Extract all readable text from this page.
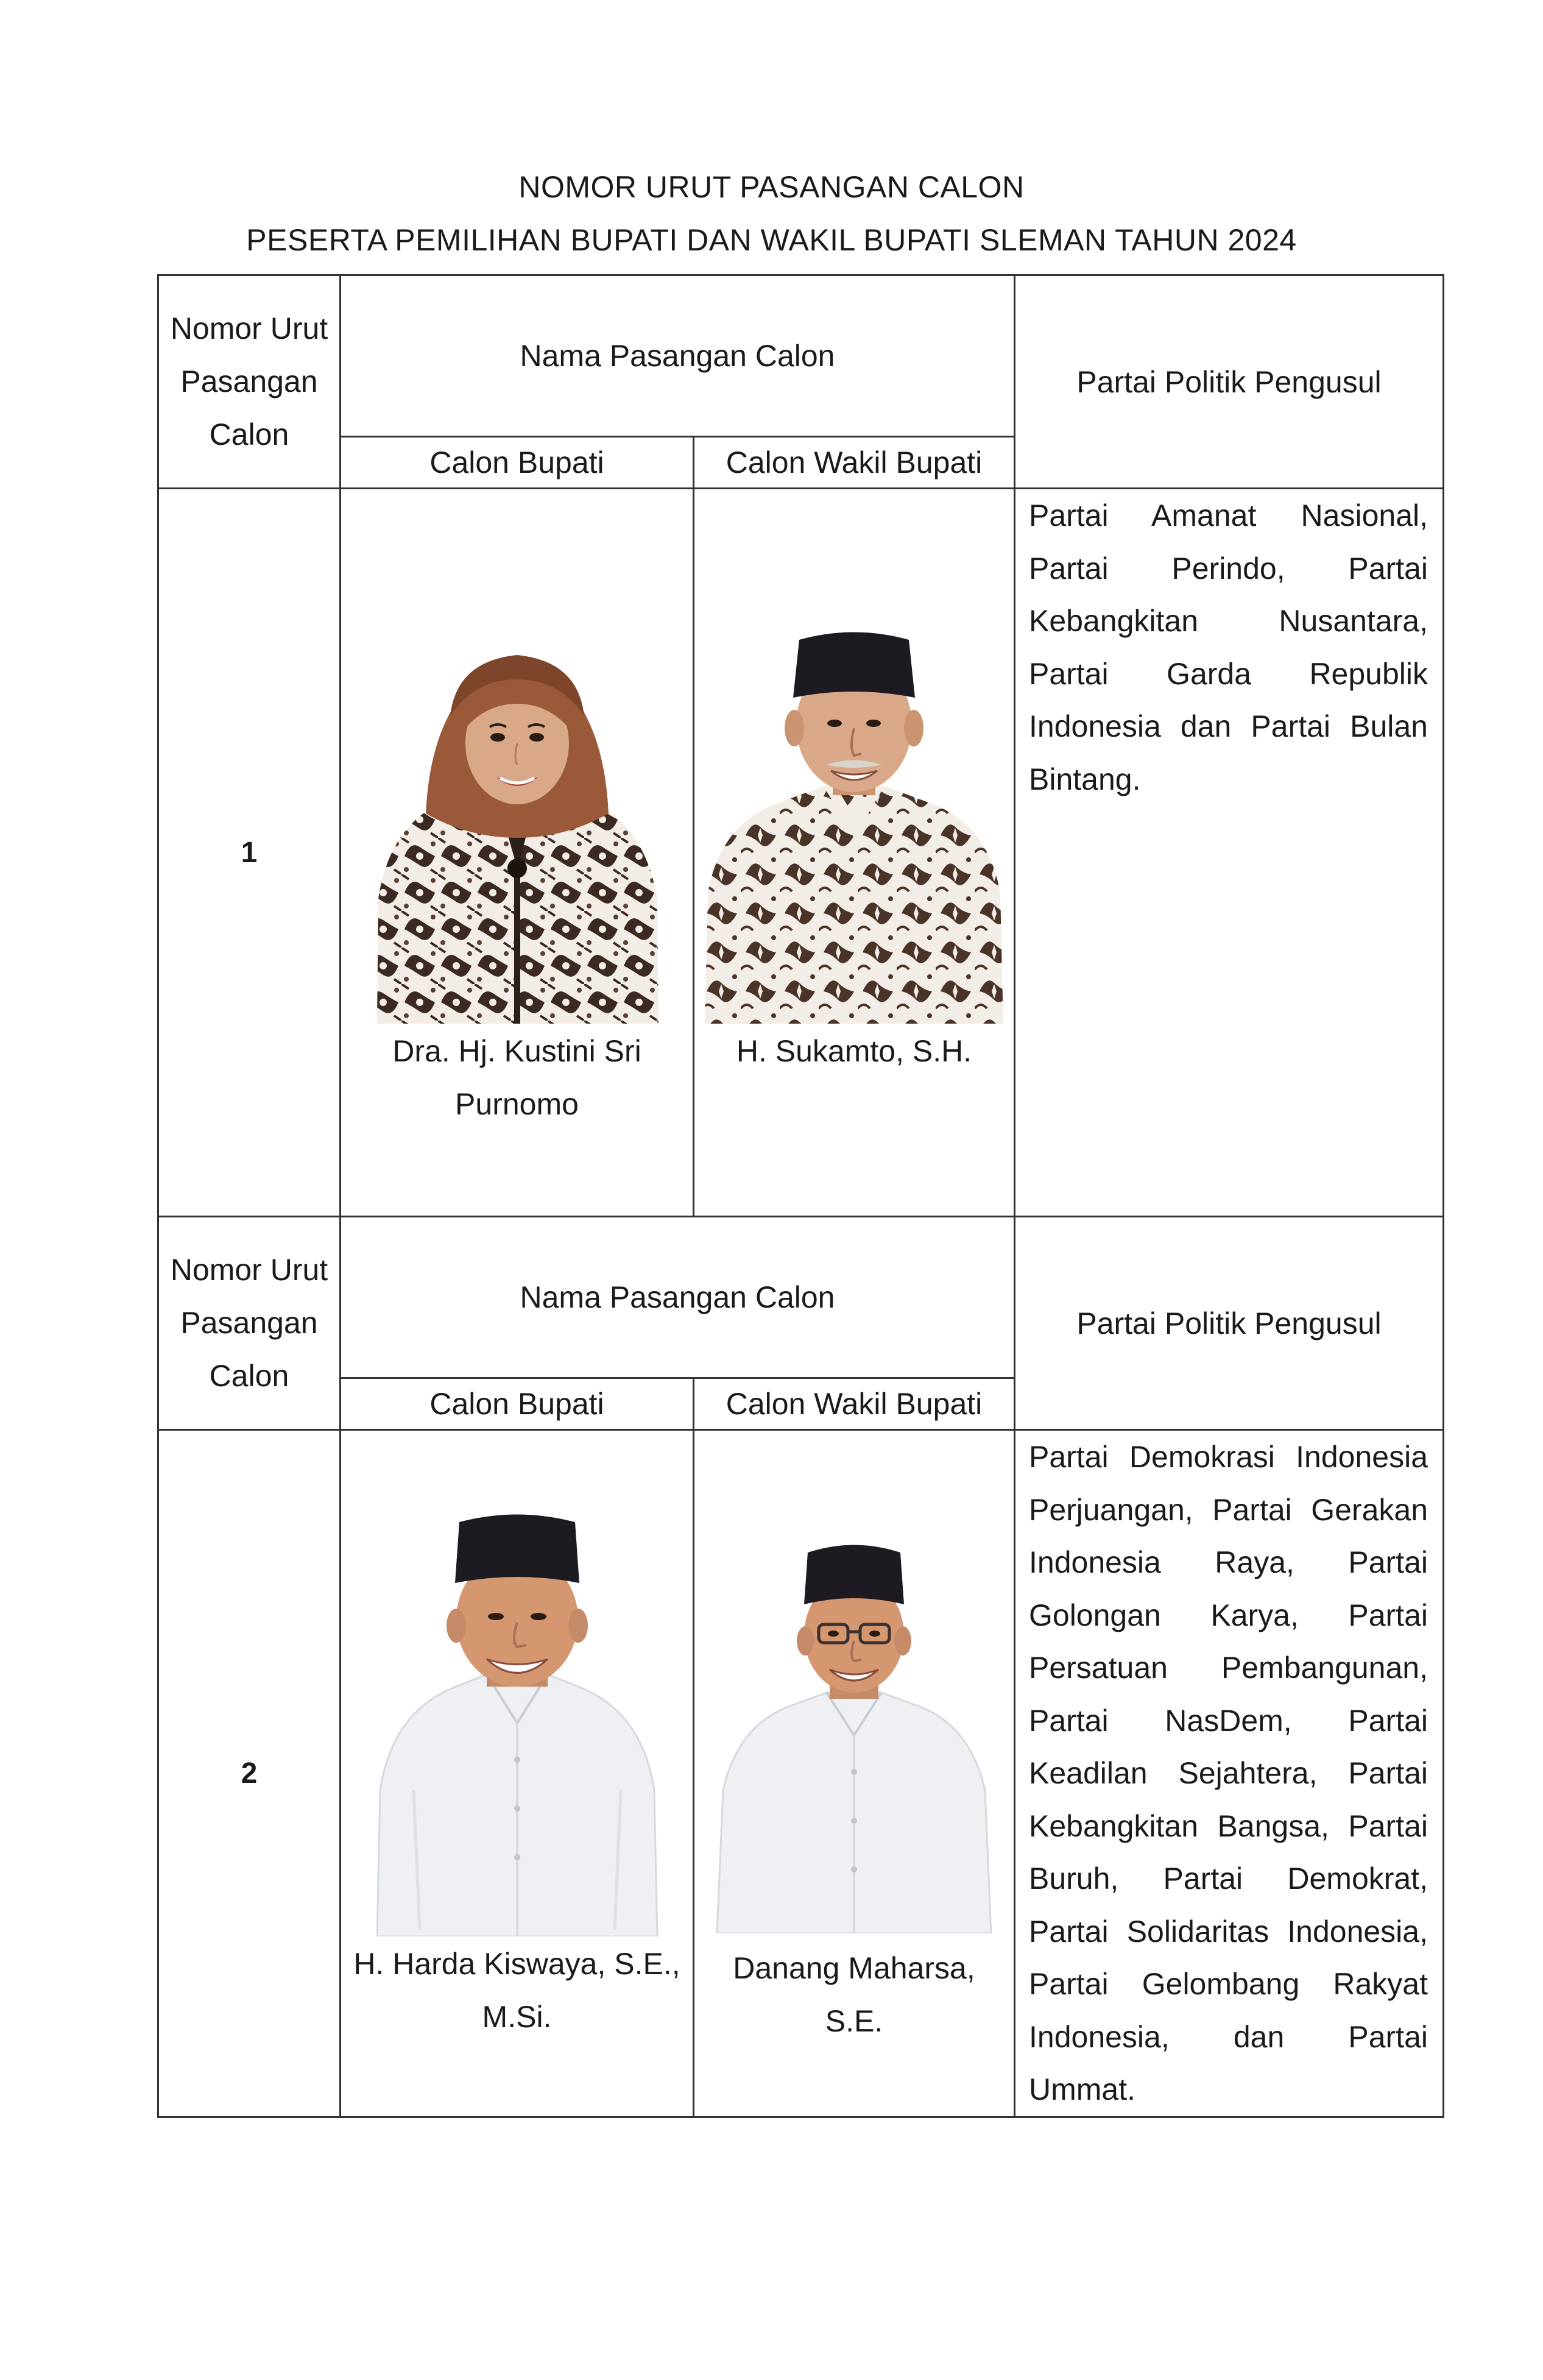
NOMOR URUT PASANGAN CALON
PESERTA PEMILIHAN BUPATI DAN WAKIL BUPATI SLEMAN TAHUN 2024
Nomor Urut Pasangan Calon	Nama Pasangan Calon		Partai Politik Pengusul
	Calon Bupati	Calon Wakil Bupati	
1	Dra. Hj. Kustini Sri Purnomo	H. Sukamto, S.H.	Partai Amanat Nasional, Partai Perindo, Partai Kebangkitan Nusantara, Partai Garda Republik Indonesia dan Partai Bulan Bintang.
Nomor Urut Pasangan Calon	Nama Pasangan Calon		Partai Politik Pengusul
	Calon Bupati	Calon Wakil Bupati	
2	H. Harda Kiswaya, S.E., M.Si.	Danang Maharsa, S.E.	Partai Demokrasi Indonesia Perjuangan, Partai Gerakan Indonesia Raya, Partai Golongan Karya, Partai Persatuan Pembangunan, Partai NasDem, Partai Keadilan Sejahtera, Partai Kebangkitan Bangsa, Partai Buruh, Partai Demokrat, Partai Solidaritas Indonesia, Partai Gelombang Rakyat Indonesia, dan Partai Ummat.
